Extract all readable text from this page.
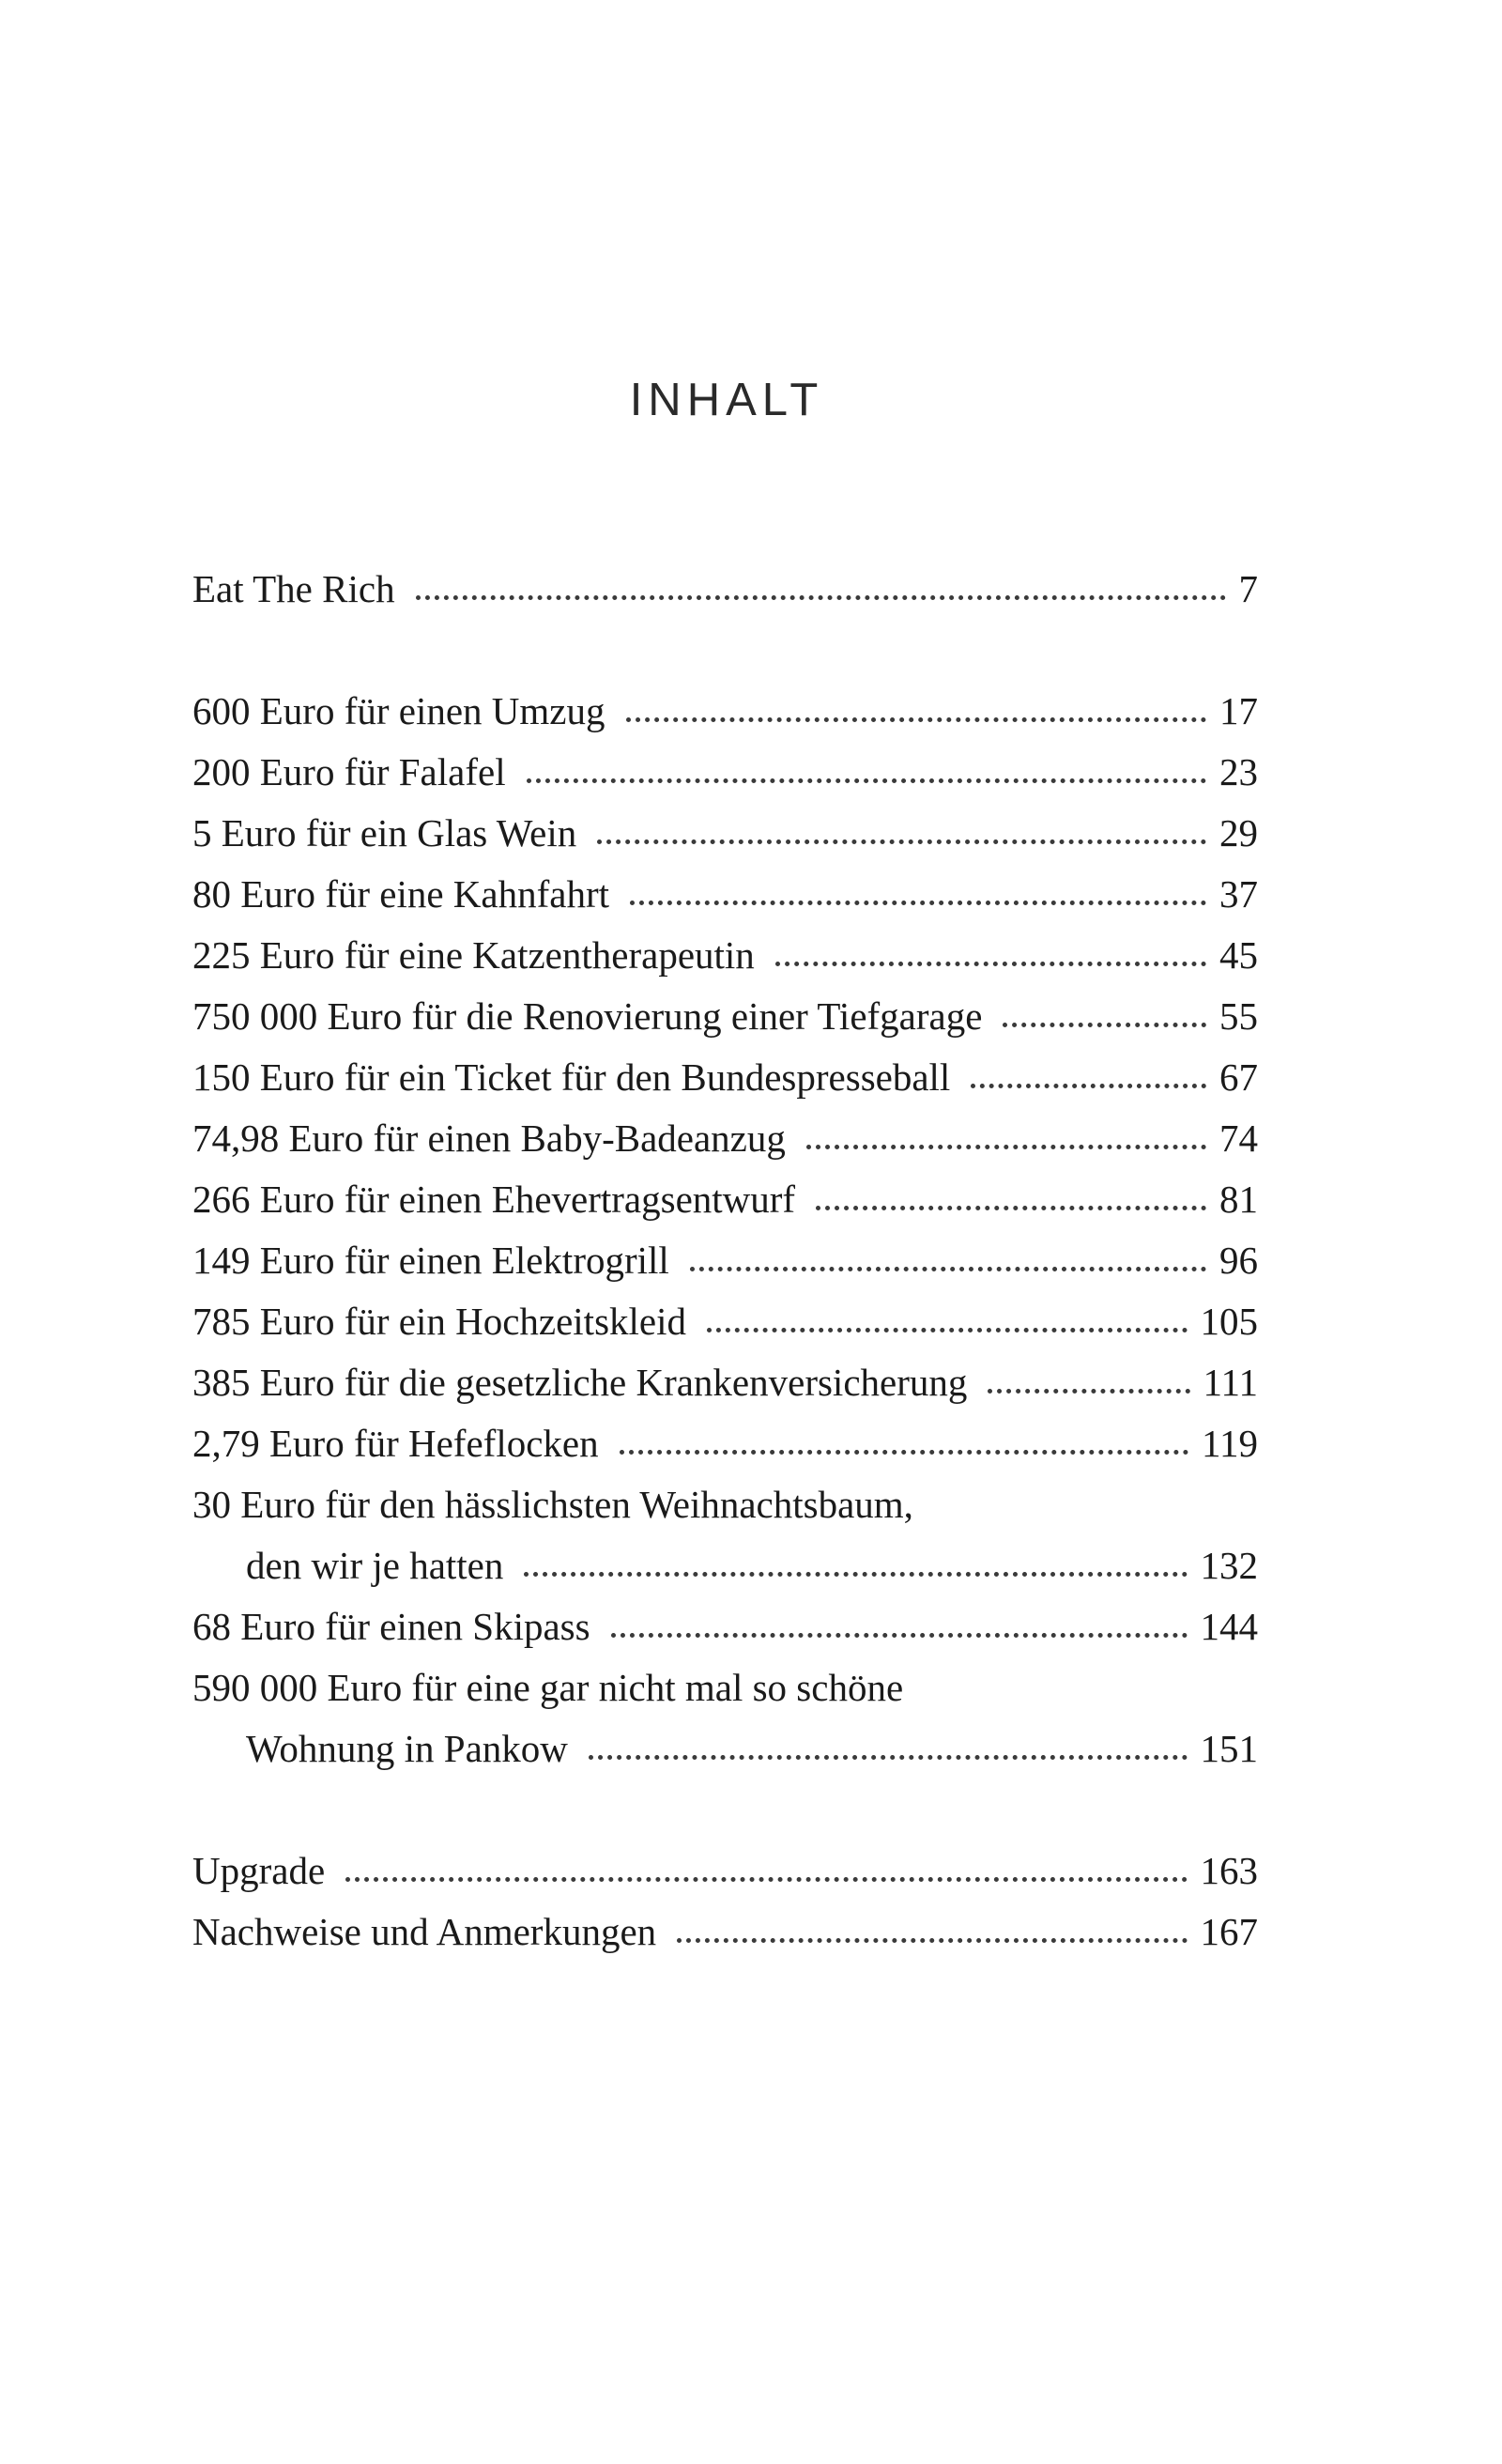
INHALT
Eat The Rich	7
600 Euro für einen Umzug	17
200 Euro für Falafel	23
5 Euro für ein Glas Wein	29
80 Euro für eine Kahnfahrt	37
225 Euro für eine Katzentherapeutin	45
750 000 Euro für die Renovierung einer Tiefgarage	55
150 Euro für ein Ticket für den Bundespresseball	67
74,98 Euro für einen Baby-Badeanzug	74
266 Euro für einen Ehevertragsentwurf	81
149 Euro für einen Elektrogrill	96
785 Euro für ein Hochzeitskleid	105
385 Euro für die gesetzliche Krankenversicherung	111
2,79 Euro für Hefeflocken	119
30 Euro für den hässlichsten Weihnachtsbaum,
den wir je hatten	132
68 Euro für einen Skipass	144
590 000 Euro für eine gar nicht mal so schöne
Wohnung in Pankow	151
Upgrade	163
Nachweise und Anmerkungen	167
